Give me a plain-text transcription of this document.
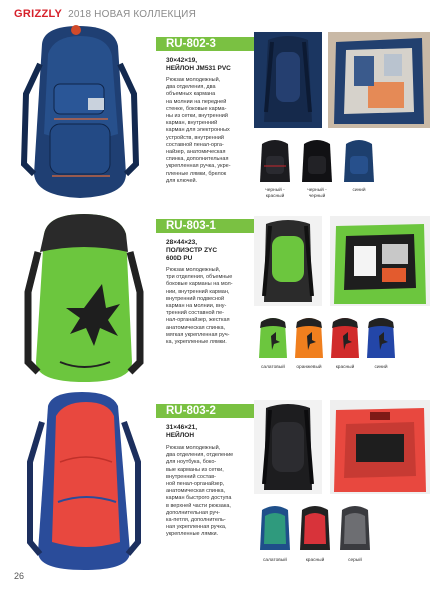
GRIZZLY 2018 НОВАЯ КОЛЛЕКЦИЯ
RU-802-3
30×42×19,
НЕЙЛОН JM531 PVC
Рюкзак молодежный,
два отделения, два
объемных кармана
на молнии на передней
стенке, боковые карма-
ны из сетки, внутренний
карман, внутренний
карман для электронных
устройств, внутренний
составной пенал-орга-
найзер, анатомическая
спинка, дополнительная
укрепленная ручка, укре-
пленные лямки, брелок
для ключей.
черный -
красный
черный -
черный
синий
RU-803-1
28×44×23,
ПОЛИЭСТР ZYC
600D PU
Рюкзак молодежный,
три отделения, объемные
боковые карманы на мол-
нии, внутренний карман,
внутренний подвесной
карман на молнии, вну-
тренний составной пе-
нал-органайзер, жесткая
анатомическая спинка,
мягкая укрепленная руч-
ка, укрепленные лямки.
салатовый	оранжевый	красный	синий
RU-803-2
31×46×21,
НЕЙЛОН
Рюкзак молодежный,
два отделения, отделение
для ноутбука, боко-
вые карманы из сетки,
внутренний состав-
ной пенал-органайзер,
анатомическая спинка,
карман быстрого доступа
в верхней части рюкзака,
дополнительная руч-
ка-петля, дополнитель-
ная укрепленная ручка,
укрепленные лямки.
салатовый	красный	серый
26
